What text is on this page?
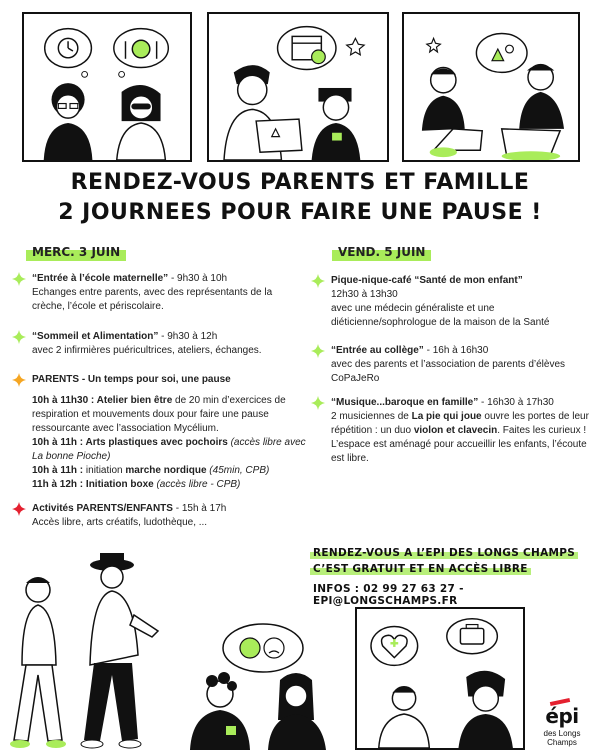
RENDEZ-VOUS PARENTS ET FAMILLE
2 JOURNEES POUR FAIRE UNE PAUSE !
MERC. 3 JUIN	VEND. 5 JUIN
“Entrée à l’école maternelle” - 9h30 à 10h
Echanges entre parents, avec des représentants de la crèche, l’école et périscolaire.
“Sommeil et Alimentation” - 9h30 à 12h
avec 2 infirmières puéricultrices, ateliers, échanges.
PARENTS - Un temps pour soi, une pause
10h à 11h30 : Atelier bien être de 20 min d’exercices de respiration et mouvements doux pour faire une pause ressourcante avec l’association Mycélium.
10h à 11h : Arts plastiques avec pochoirs (accès libre avec La bonne Pioche)
10h à 11h : initiation marche nordique (45min, CPB)
11h à 12h : Initiation boxe (accès libre - CPB)
Activités PARENTS/ENFANTS - 15h à 17h
Accès libre, arts créatifs, ludothèque, ...
Pique-nique-café “Santé de mon enfant”
12h30 à 13h30
avec une médecin généraliste et une diéticienne/sophrologue de la maison de la Santé
“Entrée au collège” - 16h à 16h30
avec des parents et l’association de parents d’élèves CoPaJeRo
“Musique...baroque en famille” - 16h30 à 17h30
2 musiciennes de La pie qui joue ouvre les portes de leur répétition : un duo violon et clavecin. Faites les curieux ! L’espace est aménagé pour accueillir les enfants, l’écoute est libre.
RENDEZ-VOUS A L’EPI DES LONGS CHAMPS
C’EST GRATUIT ET EN ACCÈS LIBRE
INFOS : 02 99 27 63 27 - EPI@LONGSCHAMPS.FR
épi
des Longs Champs
